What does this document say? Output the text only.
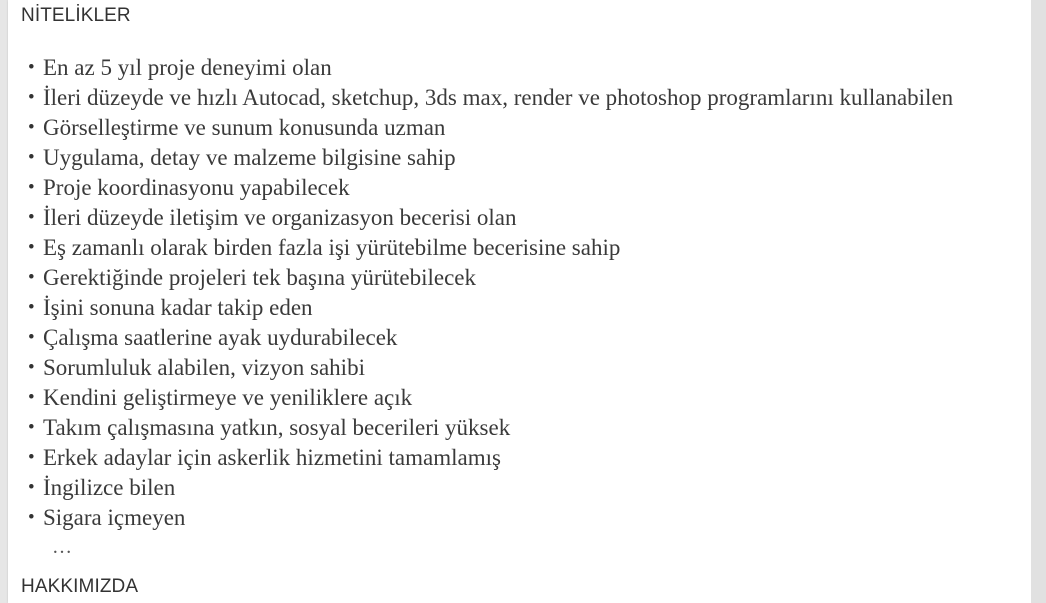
NİTELİKLER
• En az 5 yıl proje deneyimi olan
• İleri düzeyde ve hızlı Autocad, sketchup, 3ds max, render ve photoshop programlarını kullanabilen
• Görselleştirme ve sunum konusunda uzman
• Uygulama, detay ve malzeme bilgisine sahip
• Proje koordinasyonu yapabilecek
• İleri düzeyde iletişim ve organizasyon becerisi olan
• Eş zamanlı olarak birden fazla işi yürütebilme becerisine sahip
• Gerektiğinde projeleri tek başına yürütebilecek
• İşini sonuna kadar takip eden
• Çalışma saatlerine ayak uydurabilecek
• Sorumluluk alabilen, vizyon sahibi
• Kendini geliştirmeye ve yeniliklere açık
• Takım çalışmasına yatkın, sosyal becerileri yüksek
• Erkek adaylar için askerlik hizmetini tamamlamış
• İngilizce bilen
• Sigara içmeyen
…
HAKKIMIZDA
